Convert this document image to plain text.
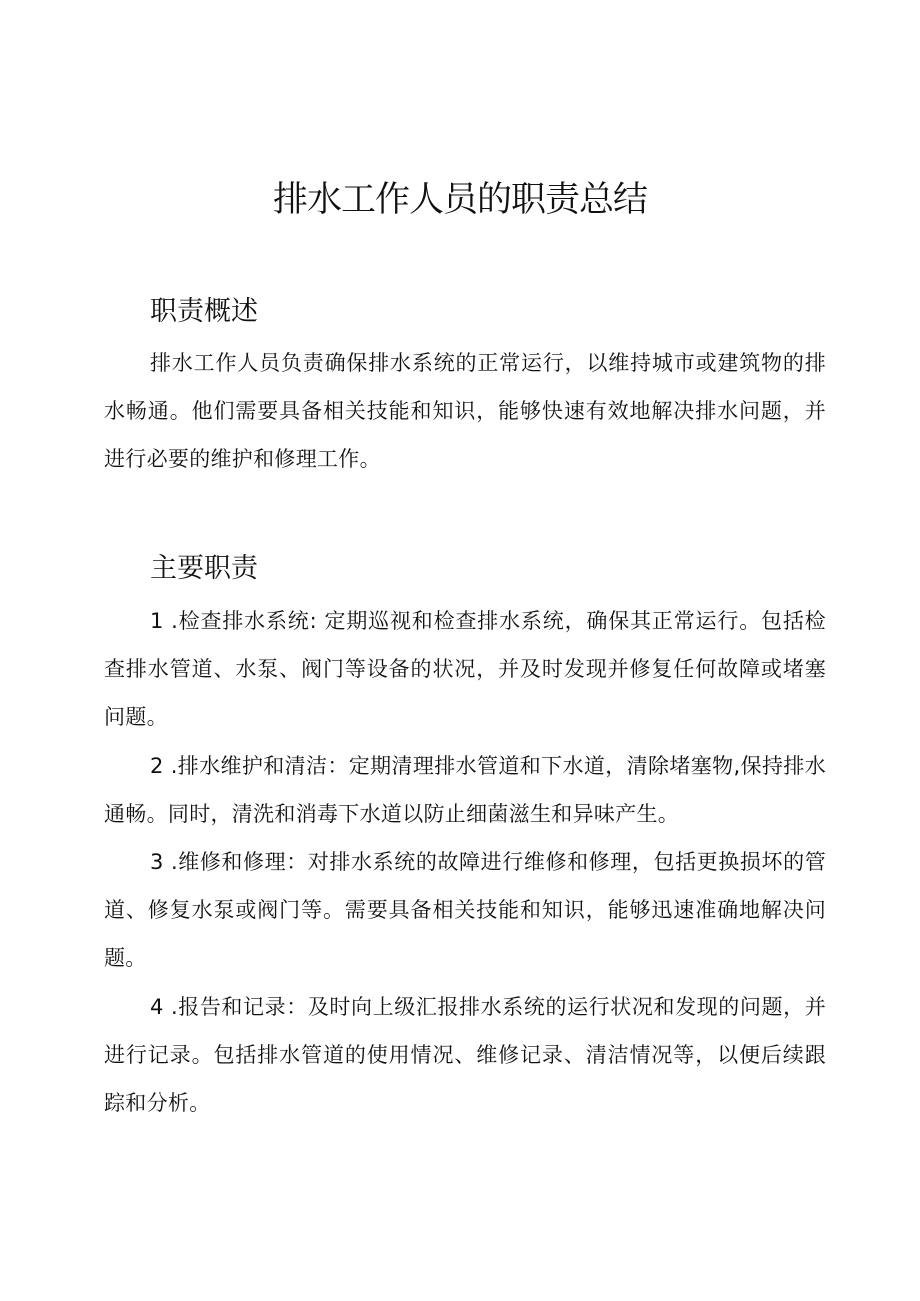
排水工作人员的职责总结
职责概述

排水工作人员负责确保排水系统的正常运行，以维持城市或建筑物的排水畅通。他们需要具备相关技能和知识，能够快速有效地解决排水问题，并进行必要的维护和修理工作。

主要职责

1 .检查排水系统: 定期巡视和检查排水系统，确保其正常运行。包括检查排水管道、水泵、阀门等设备的状况，并及时发现并修复任何故障或堵塞问题。

2 .排水维护和清洁：定期清理排水管道和下水道，清除堵塞物,保持排水通畅。同时，清洗和消毒下水道以防止细菌滋生和异味产生。

3 .维修和修理：对排水系统的故障进行维修和修理，包括更换损坏的管道、修复水泵或阀门等。需要具备相关技能和知识，能够迅速准确地解决问题。

4 .报告和记录：及时向上级汇报排水系统的运行状况和发现的问题，并进行记录。包括排水管道的使用情况、维修记录、清洁情况等，以便后续跟踪和分析。
